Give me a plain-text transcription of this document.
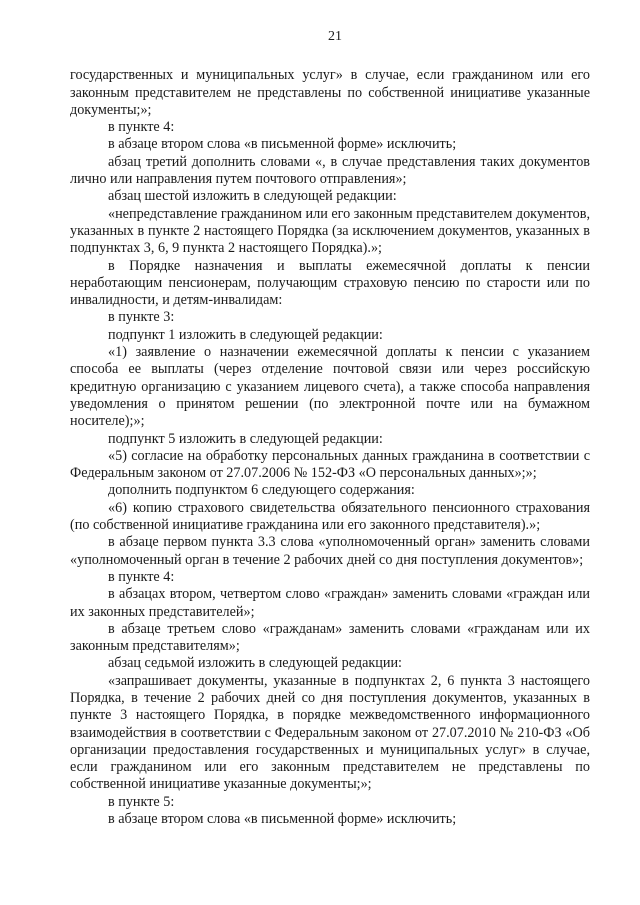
21

государственных и муниципальных услуг» в случае, если гражданином или его законным представителем не представлены по собственной инициативе указанные документы;»;

в пункте 4:

в абзаце втором слова «в письменной форме» исключить;

абзац третий дополнить словами «, в случае представления таких документов лично или направления путем почтового отправления»;

абзац шестой изложить в следующей редакции:

«непредставление гражданином или его законным представителем документов, указанных в пункте 2 настоящего Порядка (за исключением документов, указанных в подпунктах 3, 6, 9 пункта 2 настоящего Порядка).»;

в Порядке назначения и выплаты ежемесячной доплаты к пенсии неработающим пенсионерам, получающим страховую пенсию по старости или по инвалидности, и детям-инвалидам:

в пункте 3:

подпункт 1 изложить в следующей редакции:

«1) заявление о назначении ежемесячной доплаты к пенсии с указанием способа ее выплаты (через отделение почтовой связи или через российскую кредитную организацию с указанием лицевого счета), а также способа направления уведомления о принятом решении (по электронной почте или на бумажном носителе);»;

подпункт 5 изложить в следующей редакции:

«5) согласие на обработку персональных данных гражданина в соответствии с Федеральным законом от 27.07.2006 № 152-ФЗ «О персональных данных»;»;

дополнить подпунктом 6 следующего содержания:

«6) копию страхового свидетельства обязательного пенсионного страхования (по собственной инициативе гражданина или его законного представителя).»;

в абзаце первом пункта 3.3 слова «уполномоченный орган» заменить словами «уполномоченный орган в течение 2 рабочих дней со дня поступления документов»;

в пункте 4:

в абзацах втором, четвертом слово «граждан» заменить словами «граждан или их законных представителей»;

в абзаце третьем слово «гражданам» заменить словами «гражданам или их законным представителям»;

абзац седьмой изложить в следующей редакции:

«запрашивает документы, указанные в подпунктах 2, 6 пункта 3 настоящего Порядка, в течение 2 рабочих дней со дня поступления документов, указанных в пункте 3 настоящего Порядка, в порядке межведомственного информационного взаимодействия в соответствии с Федеральным законом от 27.07.2010 № 210-ФЗ «Об организации предоставления государственных и муниципальных услуг» в случае, если гражданином или его законным представителем не представлены по собственной инициативе указанные документы;»;

в пункте 5:

в абзаце втором слова «в письменной форме» исключить;
